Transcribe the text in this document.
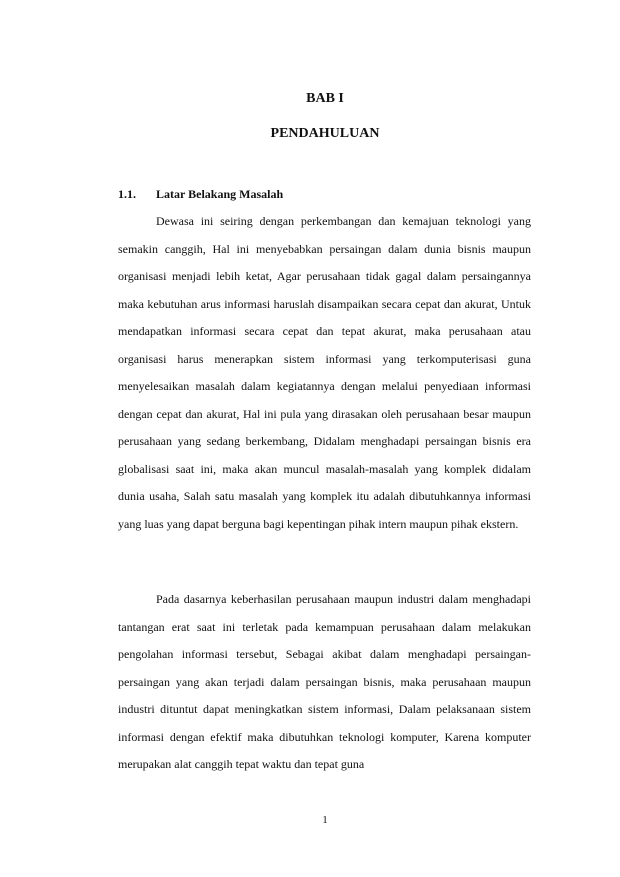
BAB I
PENDAHULUAN
1.1. Latar Belakang Masalah

Dewasa ini seiring dengan perkembangan dan kemajuan teknologi yang semakin canggih, Hal ini menyebabkan persaingan dalam dunia bisnis maupun organisasi menjadi lebih ketat, Agar perusahaan tidak gagal dalam persaingannya maka kebutuhan arus informasi haruslah disampaikan secara cepat dan akurat, Untuk mendapatkan informasi secara cepat dan tepat akurat, maka perusahaan atau organisasi harus menerapkan sistem informasi yang terkomputerisasi guna menyelesaikan masalah dalam kegiatannya dengan melalui penyediaan informasi dengan cepat dan akurat, Hal ini pula yang dirasakan oleh perusahaan besar maupun perusahaan yang sedang berkembang, Didalam menghadapi persaingan bisnis era globalisasi saat ini, maka akan muncul masalah-masalah yang komplek didalam dunia usaha, Salah satu masalah yang komplek itu adalah dibutuhkannya informasi yang luas yang dapat berguna bagi kepentingan pihak intern maupun pihak ekstern.

Pada dasarnya keberhasilan perusahaan maupun industri dalam menghadapi tantangan erat saat ini terletak pada kemampuan perusahaan dalam melakukan pengolahan informasi tersebut, Sebagai akibat dalam menghadapi persaingan-persaingan yang akan terjadi dalam persaingan bisnis, maka perusahaan maupun industri dituntut dapat meningkatkan sistem informasi, Dalam pelaksanaan sistem informasi dengan efektif maka dibutuhkan teknologi komputer, Karena komputer merupakan alat canggih tepat waktu dan tepat guna

1
